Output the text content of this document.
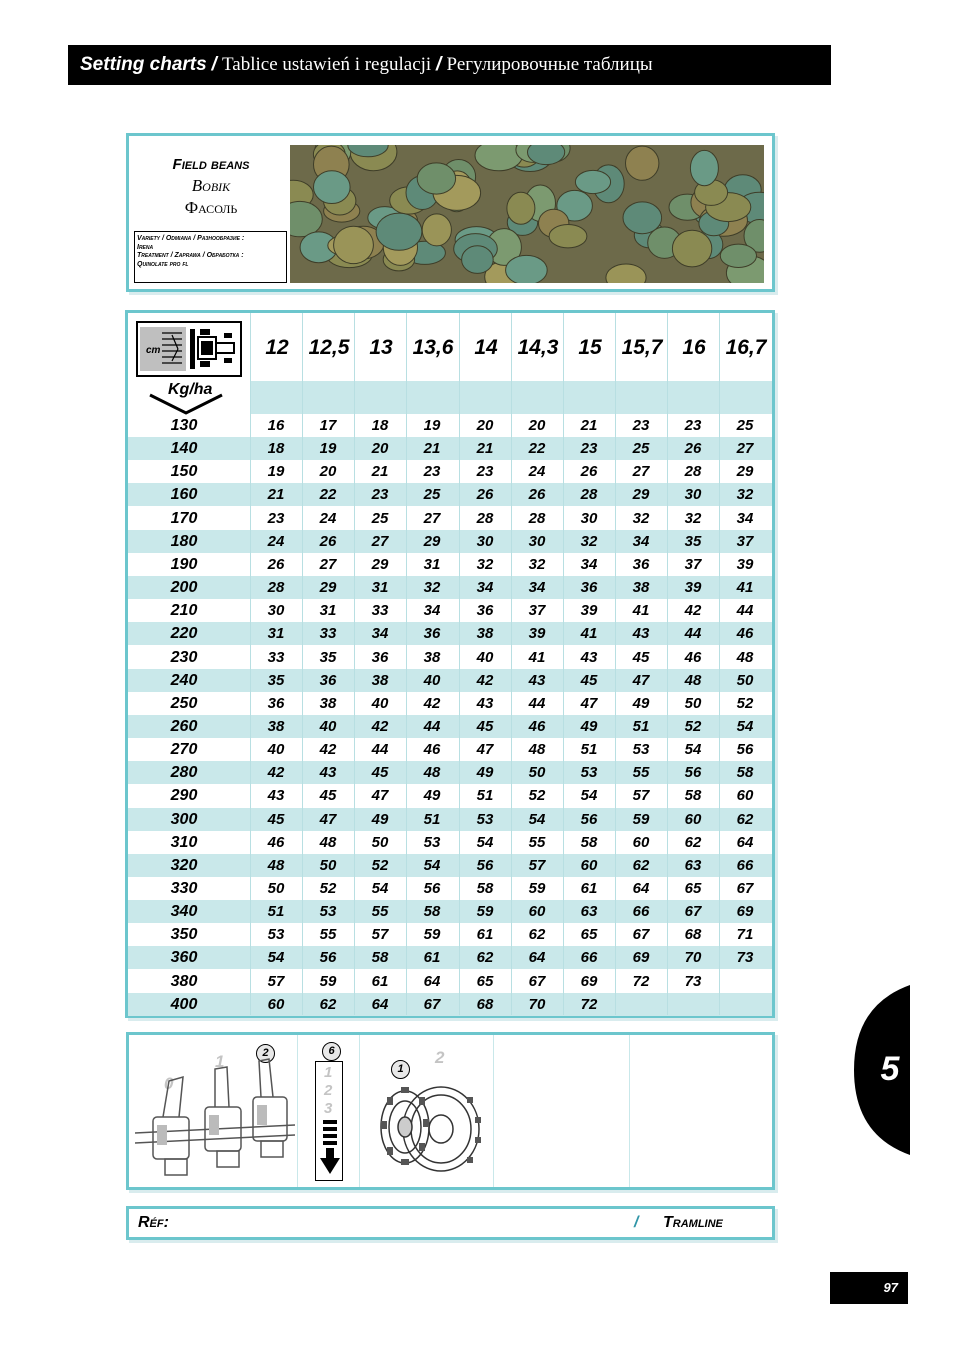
Setting charts / Tablice ustawień i regulacji / Регулировочные таблицы
Field beans
Bobik
Фасоль
Variety / Odmiana / Разнообразие :
Irena
Treatment / Zaprawa / Обработка :
Quinolate pro fl
cm
Kg/ha
12 12,5 13 13,6 14 14,3 15 15,7 16 16,7
130	16	17	18	19	20	20	21	23	23	25
140	18	19	20	21	21	22	23	25	26	27
150	19	20	21	23	23	24	26	27	28	29
160	21	22	23	25	26	26	28	29	30	32
170	23	24	25	27	28	28	30	32	32	34
180	24	26	27	29	30	30	32	34	35	37
190	26	27	29	31	32	32	34	36	37	39
200	28	29	31	32	34	34	36	38	39	41
210	30	31	33	34	36	37	39	41	42	44
220	31	33	34	36	38	39	41	43	44	46
230	33	35	36	38	40	41	43	45	46	48
240	35	36	38	40	42	43	45	47	48	50
250	36	38	40	42	43	44	47	49	50	52
260	38	40	42	44	45	46	49	51	52	54
270	40	42	44	46	47	48	51	53	54	56
280	42	43	45	48	49	50	53	55	56	58
290	43	45	47	49	51	52	54	57	58	60
300	45	47	49	51	53	54	56	59	60	62
310	46	48	50	53	54	55	58	60	62	64
320	48	50	52	54	56	57	60	62	63	66
330	50	52	54	56	58	59	61	64	65	67
340	51	53	55	58	59	60	63	66	67	69
350	53	55	57	59	61	62	65	67	68	71
360	54	56	58	61	62	64	66	69	70	73
380	57	59	61	64	65	67	69	72	73
400	60	62	64	67	68	70	72
0
1	2	6
1
2
3
1
2
Réf:	/ Tramline
5
97
